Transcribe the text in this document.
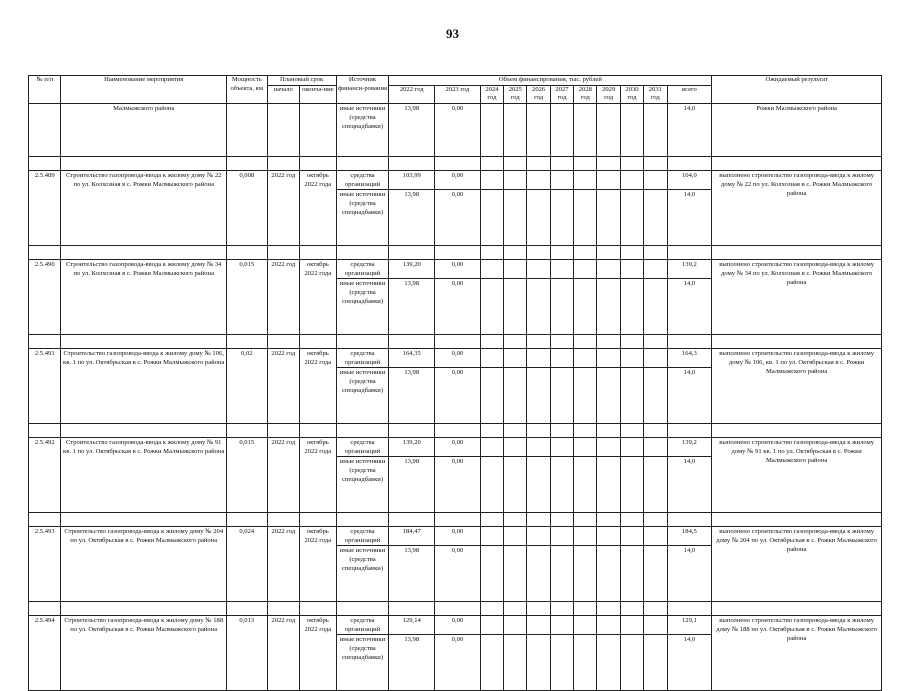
93
№ п/п	Наименование мероприятия	Мощность объекта, км	Плановый срок		Источник финанси-рования	Объем финансирования, тыс. рублей											Ожидаемый результат
			начало	оконча-ние		2022 год	2023 год	2024 год	2025 год	2026 год	2027 год	2028 год	2029 год	2030 год	2031 год	всего	
	Малмыжского района				иные источники (средства спецнадбавки)	13,98	0,00									14,0	Рожки Малмыжского района

2.5.489	Строительство газопровода-ввода к жилому дому № 22 по ул. Колхозная в с. Рожки Малмыжского района	0,008	2022 год	октябрь 2022 года	средства организаций	103,99	0,00									104,0	выполнено строительство газопровода-ввода к жилому дому № 22 по ул. Колхозная в с. Рожки Малмыжского района
					иные источники (средства спецнадбавки)	13,98	0,00									14,0	

2.5.490	Строительство газопровода-ввода к жилому дому № 34 по ул. Колхозная в с. Рожки Малмыжского района	0,015	2022 год	октябрь 2022 года	средства организаций	139,20	0,00									139,2	выполнено строительство газопровода-ввода к жилому дому № 34 по ул. Колхозная в с. Рожки Малмыжского района
					иные источники (средства спецнадбавки)	13,98	0,00									14,0	

2.5.491	Строительство газопровода-ввода к жилому дому № 106, кв. 1 по ул. Октябрьская в с. Рожки Малмыжского района	0,02	2022 год	октябрь 2022 года	средства организаций	164,35	0,00									164,3	выполнено строительство газопровода-ввода к жилому дому № 106, кв. 1 по ул. Октябрьская в с. Рожки Малмыжского района
					иные источники (средства спецнадбавки)	13,98	0,00									14,0	

2.5.492	Строительство газопровода-ввода к жилому дому № 91 кв. 1 по ул. Октябрьская в с. Рожки Малмыжского района	0,015	2022 год	октябрь 2022 года	средства организаций	139,20	0,00									139,2	выполнено строительство газопровода-ввода к жилому дому № 91 кв. 1 по ул. Октябрьская в с. Рожки Малмыжского района
					иные источники (средства спецнадбавки)	13,98	0,00									14,0	

2.5.493	Строительство газопровода-ввода к жилому дому № 204 по ул. Октябрьская в с. Рожки Малмыжского района	0,024	2022 год	октябрь 2022 года	средства организаций	184,47	0,00									184,5	выполнено строительство газопровода-ввода к жилому дому № 204 по ул. Октябрьская в с. Рожки Малмыжского района
					иные источники (средства спецнадбавки)	13,98	0,00									14,0	

2.5.494	Строительство газопровода-ввода к жилому дому № 188 по ул. Октябрьская в с. Рожки Малмыжского района	0,013	2022 год	октябрь 2022 года	средства организаций	129,14	0,00									129,1	выполнено строительство газопровода-ввода к жилому дому № 188 по ул. Октябрьская в с. Рожки Малмыжского района
					иные источники (средства спецнадбавки)	13,98	0,00									14,0	
